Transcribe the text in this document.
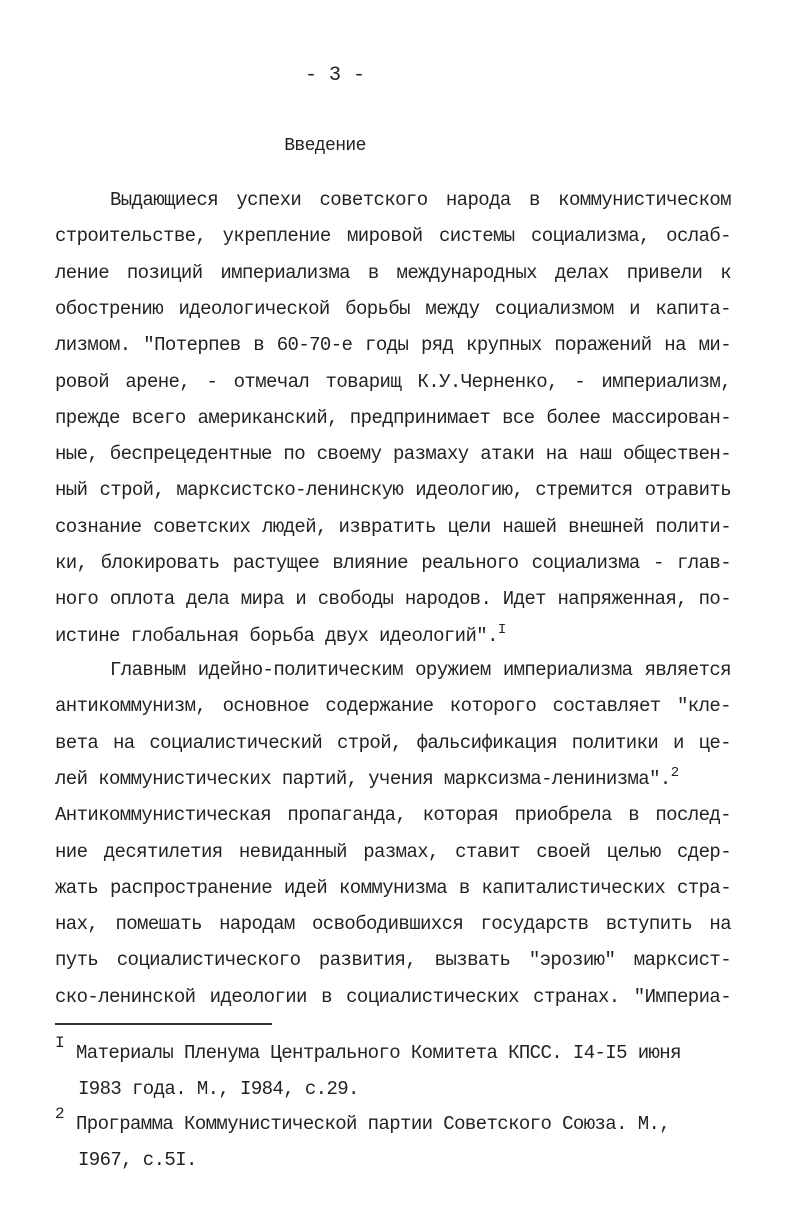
- 3 -
Введение
Выдающиеся успехи советского народа в коммунистическом
строительстве, укрепление мировой системы социализма, ослаб-
ление позиций империализма в международных делах привели к
обострению идеологической борьбы между социализмом и капита-
лизмом. "Потерпев в 60-70-е годы ряд крупных поражений на ми-
ровой арене, - отмечал товарищ К.У.Черненко, - империализм,
прежде всего американский, предпринимает все более массирован-
ные, беспрецедентные по своему размаху атаки на наш обществен-
ный строй, марксистско-ленинскую идеологию, стремится отравить
сознание советских людей, извратить цели нашей внешней полити-
ки, блокировать растущее влияние реального социализма - глав-
ного оплота дела мира и свободы народов. Идет напряженная, по-
истине глобальная борьба двух идеологий".$^I$
Главным идейно-политическим оружием империализма является
антикоммунизм, основное содержание которого составляет "кле-
вета на социалистический строй, фальсификация политики и це-
лей коммунистических партий, учения марксизма-ленинизма".$^2$
Антикоммунистическая пропаганда, которая приобрела в послед-
ние десятилетия невиданный размах, ставит своей целью сдер-
жать распространение идей коммунизма в капиталистических стра-
нах, помешать народам освободившихся государств вступить на
путь социалистического развития, вызвать "эрозию" марксист-
ско-ленинской идеологии в социалистических странах. "Империа-
I Материалы Пленума Центрального Комитета КПСС. I4-I5 июня
I983 года. М., I984, с.29.
2 Программа Коммунистической партии Советского Союза. М.,
I967, с.5I.
